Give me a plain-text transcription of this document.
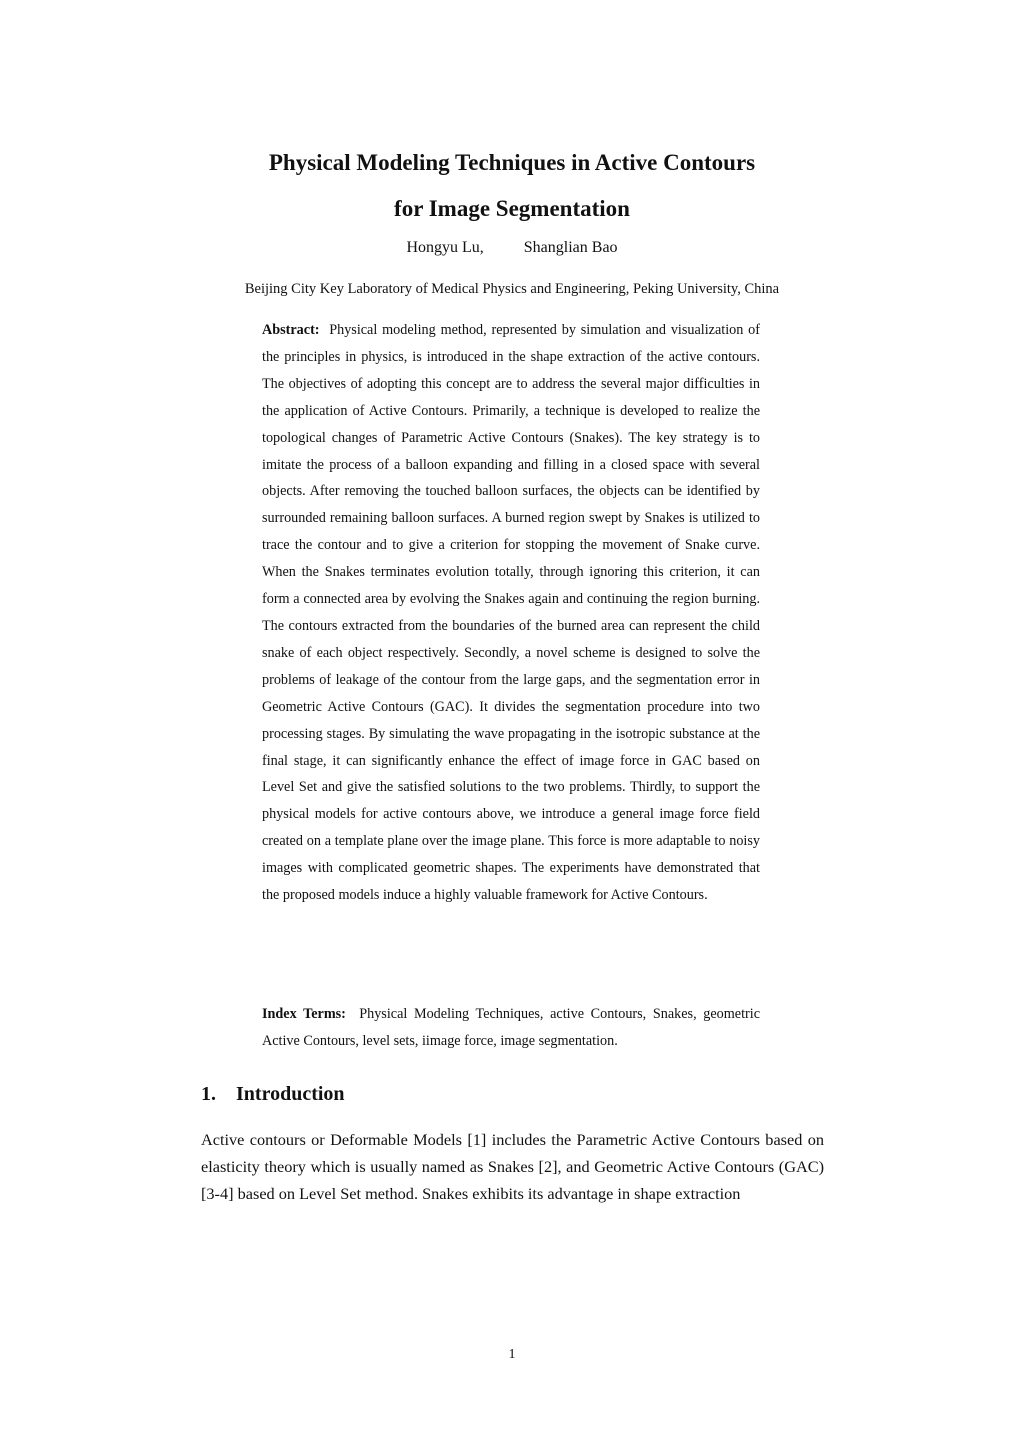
Physical Modeling Techniques in Active Contours
for Image Segmentation
Hongyu Lu,	Shanglian Bao
Beijing City Key Laboratory of Medical Physics and Engineering, Peking University, China

Abstract: Physical modeling method, represented by simulation and visualization of the principles in physics, is introduced in the shape extraction of the active contours. The objectives of adopting this concept are to address the several major difficulties in the application of Active Contours. Primarily, a technique is developed to realize the topological changes of Parametric Active Contours (Snakes). The key strategy is to imitate the process of a balloon expanding and filling in a closed space with several objects. After removing the touched balloon surfaces, the objects can be identified by surrounded remaining balloon surfaces. A burned region swept by Snakes is utilized to trace the contour and to give a criterion for stopping the movement of Snake curve. When the Snakes terminates evolution totally, through ignoring this criterion, it can form a connected area by evolving the Snakes again and continuing the region burning. The contours extracted from the boundaries of the burned area can represent the child snake of each object respectively. Secondly, a novel scheme is designed to solve the problems of leakage of the contour from the large gaps, and the segmentation error in Geometric Active Contours (GAC). It divides the segmentation procedure into two processing stages. By simulating the wave propagating in the isotropic substance at the final stage, it can significantly enhance the effect of image force in GAC based on Level Set and give the satisfied solutions to the two problems. Thirdly, to support the physical models for active contours above, we introduce a general image force field created on a template plane over the image plane. This force is more adaptable to noisy images with complicated geometric shapes. The experiments have demonstrated that the proposed models induce a highly valuable framework for Active Contours.

Index Terms: Physical Modeling Techniques, active Contours, Snakes, geometric Active Contours, level sets, iimage force, image segmentation.

1. Introduction

Active contours or Deformable Models [1] includes the Parametric Active Contours based on elasticity theory which is usually named as Snakes [2], and Geometric Active Contours (GAC) [3-4] based on Level Set method. Snakes exhibits its advantage in shape extraction

1
